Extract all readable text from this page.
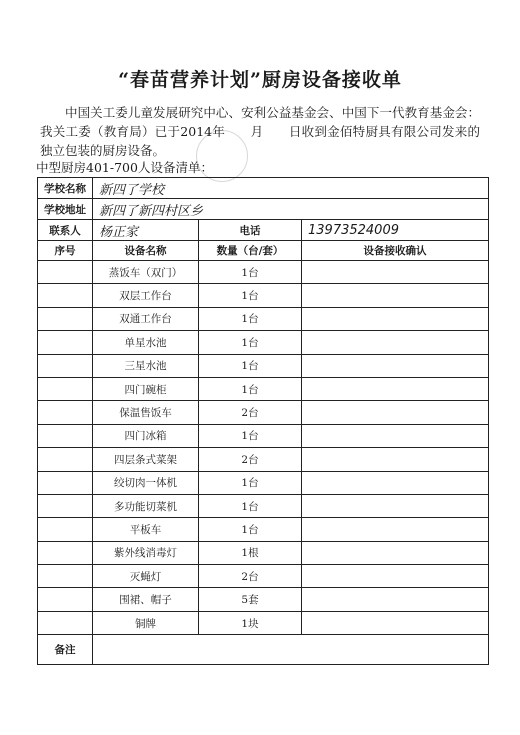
“春苗营养计划”厨房设备接收单
中国关工委儿童发展研究中心、安利公益基金会、中国下一代教育基金会：我关工委（教育局）已于2014年　　月　　日收到金佰特厨具有限公司发来的独立包装的厨房设备。
中型厨房401-700人设备清单：
学校名称	新四了学校		
学校地址	新四了新四村区乡		
联系人	杨正家	电话	13973524009
序号	设备名称	数量（台/套）	设备接收确认
	蒸饭车（双门）	1台	
	双层工作台	1台	
	双通工作台	1台	
	单星水池	1台	
	三星水池	1台	
	四门碗柜	1台	
	保温售饭车	2台	
	四门冰箱	1台	
	四层条式菜架	2台	
	绞切肉一体机	1台	
	多功能切菜机	1台	
	平板车	1台	
	紫外线消毒灯	1根	
	灭蝇灯	2台	
	围裙、帽子	5套	
	铜牌	1块	
备注			
